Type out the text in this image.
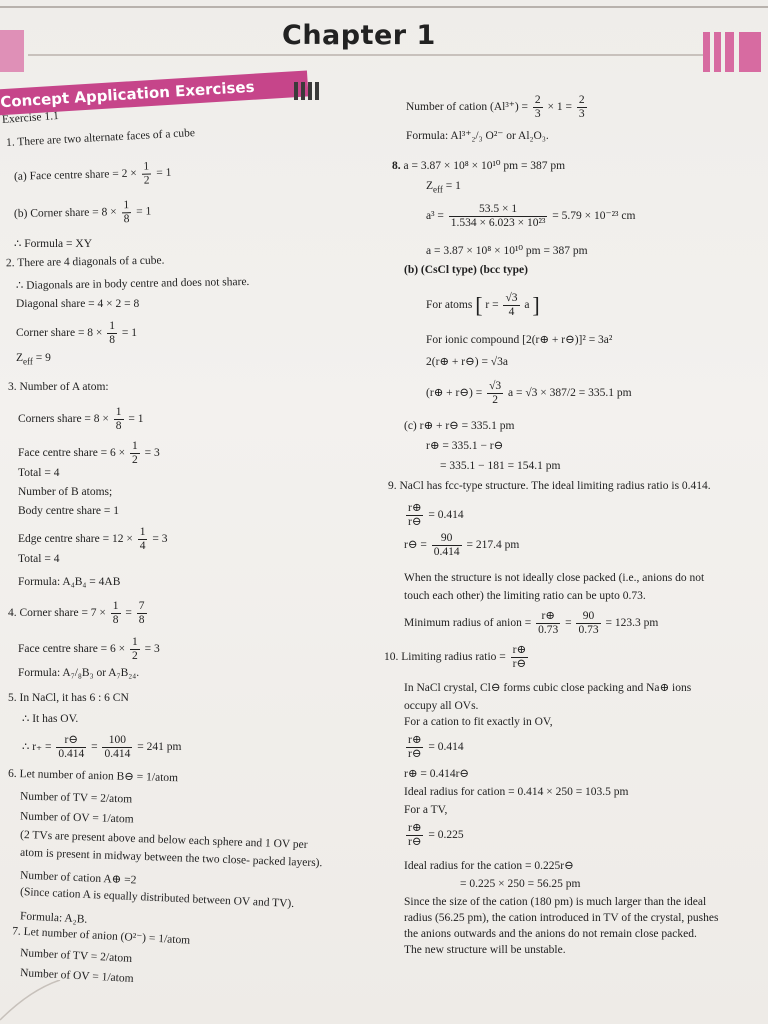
Chapter 1
Concept Application Exercises
Exercise 1.1
1. There are two alternate faces of a cube
(a) Face centre share = $2 \times \frac{1}{2} = 1$
(b) Corner share = $8 \times \frac{1}{8} = 1$
∴ Formula = XY
2. There are 4 diagonals of a cube.
∴ Diagonals are in body centre and does not share.
Diagonal share = 4 × 2 = 8
Corner share = $8 \times \frac{1}{8} = 1$
$Z_{eff} = 9$
3. Number of A atom:
Corners share = $8 \times \frac{1}{8} = 1$
Face centre share = $6 \times \frac{1}{2} = 3$
Total = 4
Number of B atoms;
Body centre share = 1
Edge centre share = $12 \times \frac{1}{4} = 3$
Total = 4
Formula: A₄B₄ = 4AB
4. Corner share = $7 \times \frac{1}{8} = \frac{7}{8}$
Face centre share = $6 \times \frac{1}{2} = 3$
Formula: A₇/₈B₃ or A₇B₂₄.
5. In NaCl, it has 6 : 6 CN
∴ It has OV.
∴ $r_+ = \frac{r⊖}{0.414} = \frac{100}{0.414} = 241$ pm
6. Let number of anion B⊖ = 1/atom
Number of TV = 2/atom
Number of OV = 1/atom
(2 TVs are present above and below each sphere and 1 OV per
atom is present in midway between the two close- packed layers).
Number of cation A⊕ =2
(Since cation A is equally distributed between OV and TV).
Formula: A₂B.
7. Let number of anion (O²⁻) = 1/atom
Number of TV = 2/atom
Number of OV = 1/atom
Number of cation $(Al^{3+}) = \frac{2}{3} \times 1 = \frac{2}{3}$
Formula: Al³⁺₂/₃ O²⁻ or Al₂O₃.
8. a = 3.87 × 10⁸ × 10¹⁰ pm = 387 pm
$Z_{eff} = 1$
$a^3 = \frac{53.5 \times 1}{\text{1.534 × 6.023 × 10²³}} = 5.79 \times 10^{-23}$ cm
a = 3.87 × 10⁸ × 10¹⁰ pm = 387 pm
(b) (CsCl type) (bcc type)
For atoms [ $r = \frac{√3}{4}$ a ]
For ionic compound [2(r⊕ + r⊖)]² = 3a²
2(r⊕ + r⊖) = √3a
(r⊕ + r⊖) = $\frac{√3}{2}$ a = √3 × 387/2 = 335.1 pm
(c) r⊕ + r⊖ = 335.1 pm
r⊕ = 335.1 − r⊖
= 335.1 − 181 = 154.1 pm
9. NaCl has fcc-type structure. The ideal limiting radius ratio is 0.414.
$\frac{r\oplus}{r⊖} = 0.414$
r⊖ = $\frac{90}{0.414} = 217.4$ pm
When the structure is not ideally close packed (i.e., anions do not
touch each other) the limiting ratio can be upto 0.73.
Minimum radius of anion = $\frac{r\oplus}{0.73} = \frac{90}{0.73} = 123.3$ pm
10. Limiting radius ratio = $\frac{r\oplus}{r⊖}$
In NaCl crystal, Cl⊖ forms cubic close packing and Na⊕ ions
occupy all OVs.
For a cation to fit exactly in OV,
$\frac{r\oplus}{r⊖} = 0.414$
r⊕ = 0.414r⊖
Ideal radius for cation = 0.414 × 250 = 103.5 pm
For a TV,
$\frac{r\oplus}{r⊖} = 0.225$
Ideal radius for the cation = 0.225r⊖
= 0.225 × 250 = 56.25 pm
Since the size of the cation (180 pm) is much larger than the ideal
radius (56.25 pm), the cation introduced in TV of the crystal, pushes
the anions outwards and the anions do not remain close packed.
The new structure will be unstable.
